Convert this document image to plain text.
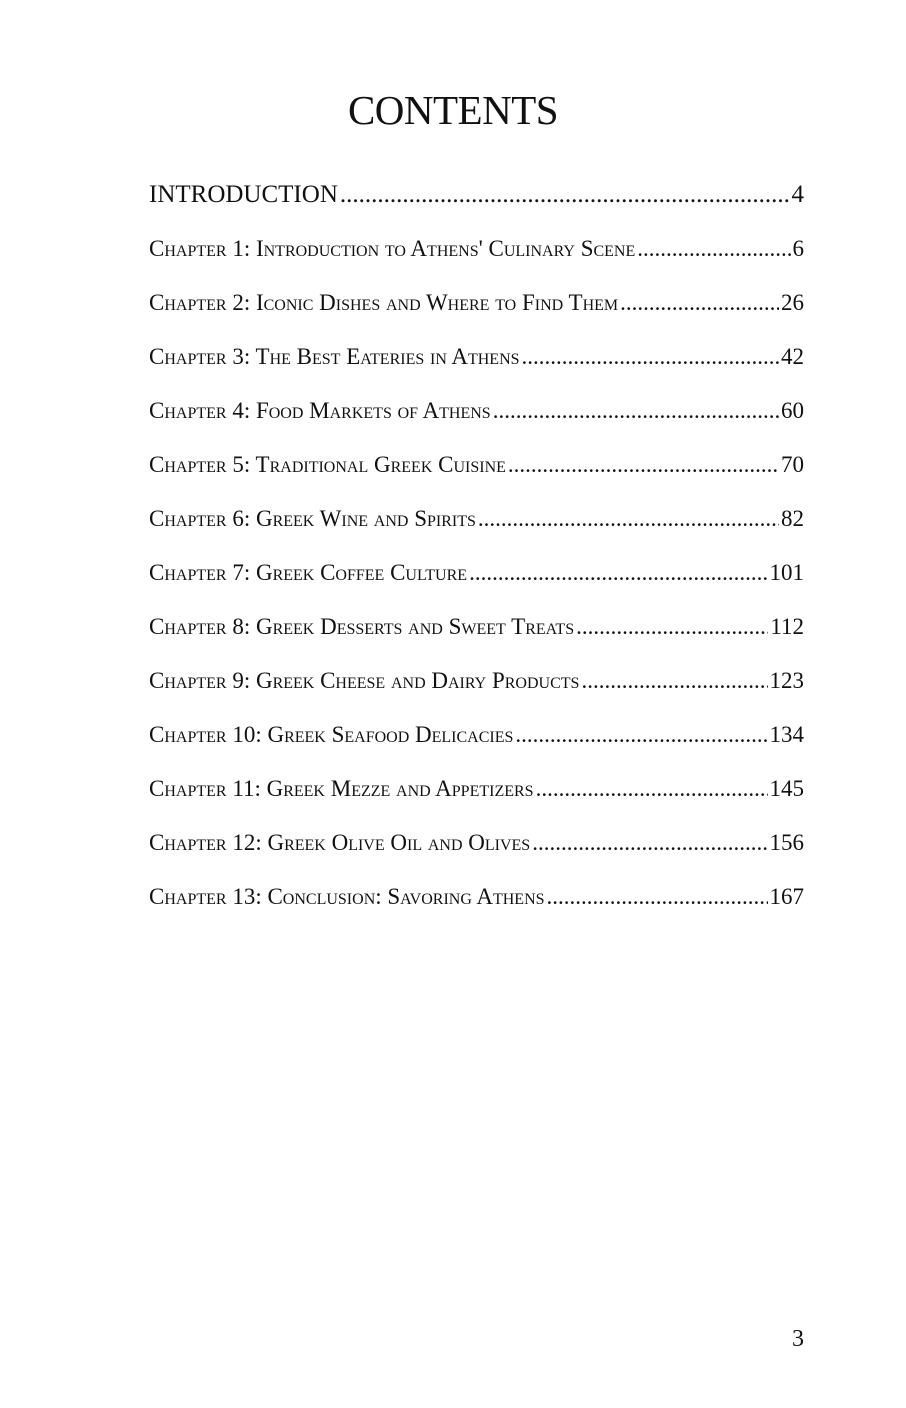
CONTENTS
INTRODUCTION .....	4
Chapter 1: Introduction to Athens' Culinary Scene .....	6
Chapter 2: Iconic Dishes and Where to Find Them .....	26
Chapter 3: The Best Eateries in Athens .....	42
Chapter 4: Food Markets of Athens .....	60
Chapter 5: Traditional Greek Cuisine .....	70
Chapter 6: Greek Wine and Spirits .....	82
Chapter 7: Greek Coffee Culture .....	101
Chapter 8: Greek Desserts and Sweet Treats .....	112
Chapter 9: Greek Cheese and Dairy Products .....	123
Chapter 10: Greek Seafood Delicacies .....	134
Chapter 11: Greek Mezze and Appetizers .....	145
Chapter 12: Greek Olive Oil and Olives .....	156
Chapter 13: Conclusion: Savoring Athens .....	167
3
